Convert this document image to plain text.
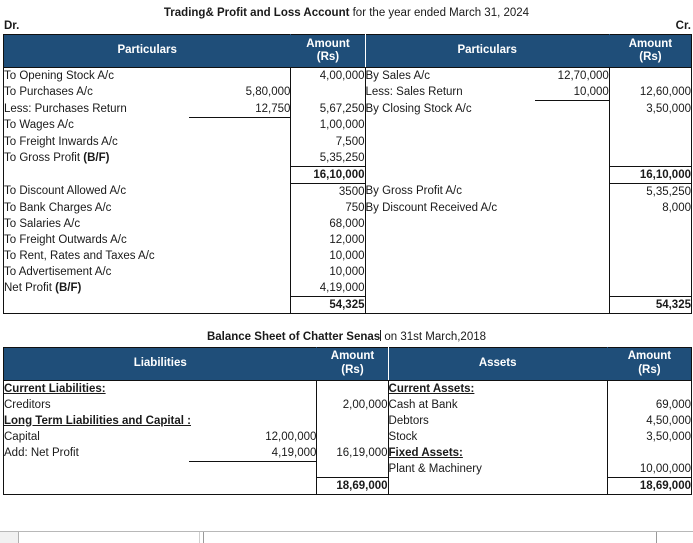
Trading& Profit and Loss Account for the year ended March 31, 2024
Dr.	Cr.
Particulars		Amount
(Rs)	Particulars		Amount
(Rs)

To Opening Stock A/c		4,00,000	By Sales A/c	12,70,000	
To Purchases A/c	5,80,000		Less: Sales Return	10,000	12,60,000
Less: Purchases Return	12,750	5,67,250	By Closing Stock A/c		3,50,000
To Wages A/c		1,00,000			
To Freight Inwards A/c		7,500			
To Gross Profit (B/F)		5,35,250			
		16,10,000			16,10,000
To Discount Allowed A/c		3500	By Gross Profit A/c		5,35,250
To Bank Charges A/c		750	By Discount Received A/c		8,000
To Salaries A/c		68,000			
To Freight Outwards A/c		12,000			
To Rent, Rates and Taxes A/c		10,000			
To Advertisement A/c		10,000			
Net Profit (B/F)		4,19,000			
		54,325			54,325
Balance Sheet of Chatter Senas on 31st March,2018
Liabilities		Amount
(Rs)	Assets		Amount
(Rs)

Current Liabilities:			Current Assets:		
Creditors		2,00,000	Cash at Bank		69,000
Long Term Liabilities and Capital :			Debtors		4,50,000
Capital	12,00,000		Stock		3,50,000
Add: Net Profit	4,19,000	16,19,000	Fixed Assets:		
			Plant & Machinery		10,00,000
		18,69,000			18,69,000
